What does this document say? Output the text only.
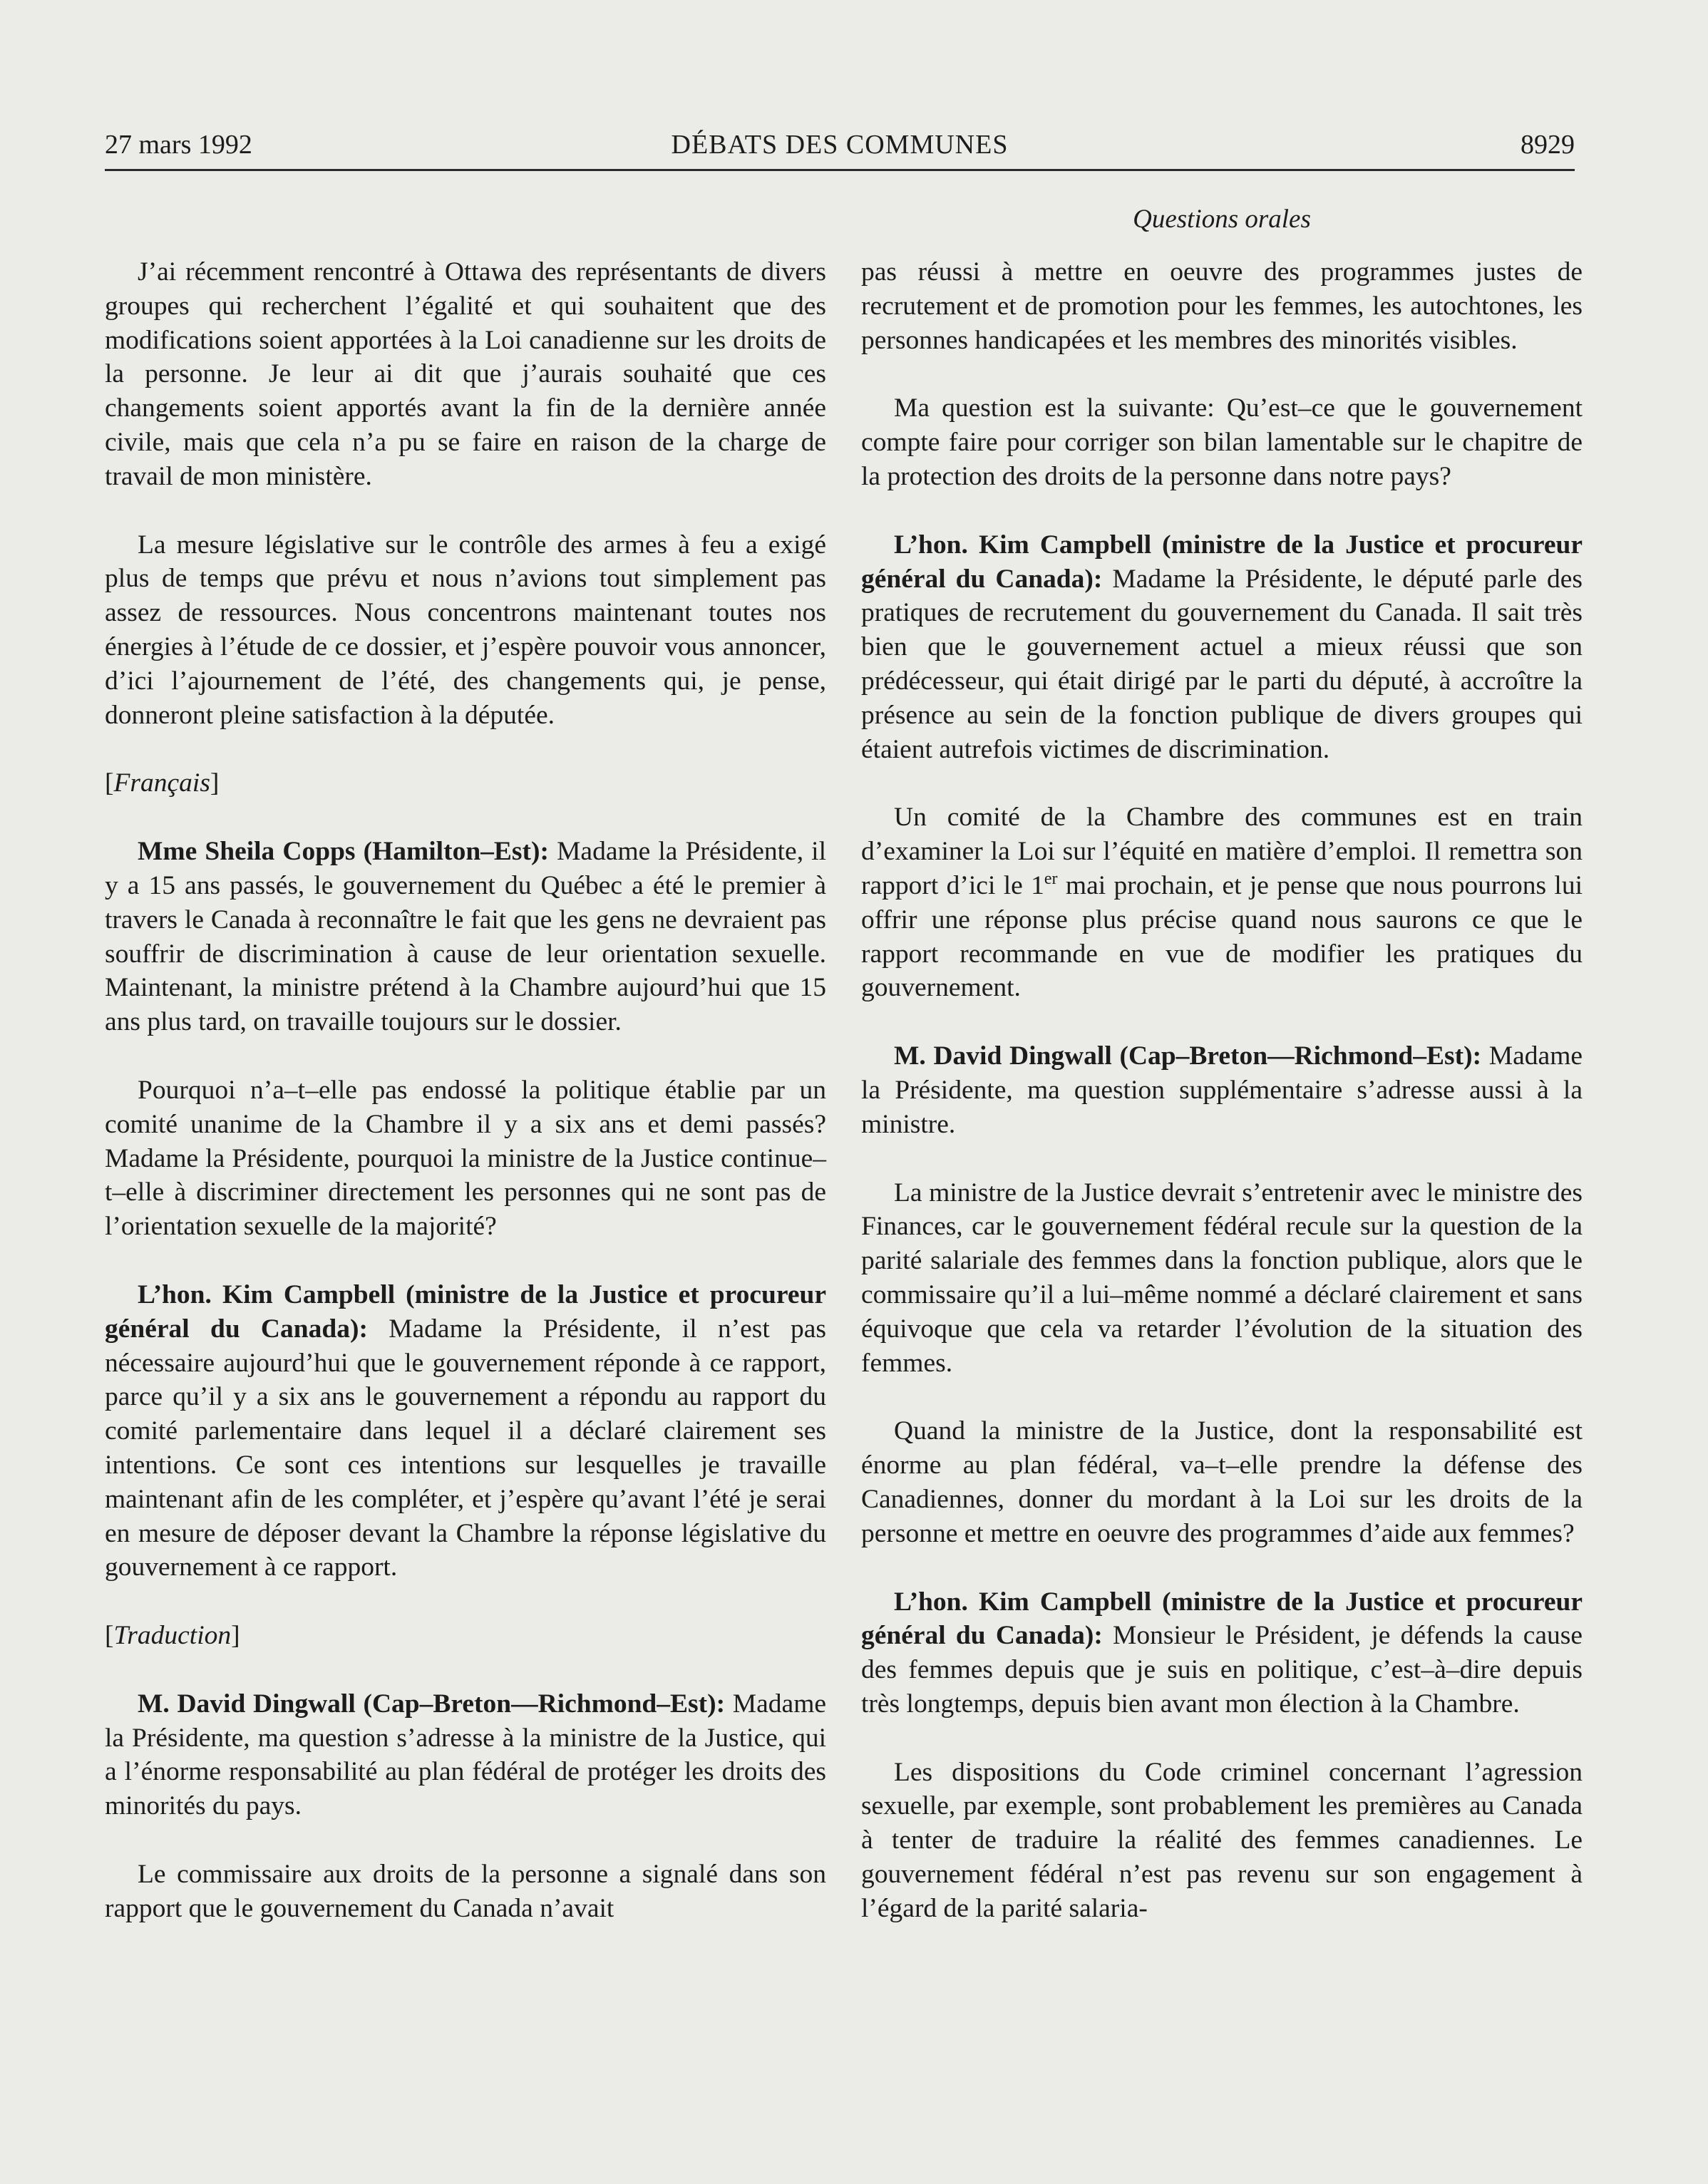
27 mars 1992	DÉBATS DES COMMUNES	8929
Questions orales

J’ai récemment rencontré à Ottawa des représentants de divers groupes qui recherchent l’égalité et qui souhaitent que des modifications soient apportées à la Loi canadienne sur les droits de la personne. Je leur ai dit que j’aurais souhaité que ces changements soient apportés avant la fin de la dernière année civile, mais que cela n’a pu se faire en raison de la charge de travail de mon ministère.

La mesure législative sur le contrôle des armes à feu a exigé plus de temps que prévu et nous n’avions tout simplement pas assez de ressources. Nous concentrons maintenant toutes nos énergies à l’étude de ce dossier, et j’espère pouvoir vous annoncer, d’ici l’ajournement de l’été, des changements qui, je pense, donneront pleine satisfaction à la députée.

[Français]

Mme Sheila Copps (Hamilton–Est): Madame la Présidente, il y a 15 ans passés, le gouvernement du Québec a été le premier à travers le Canada à reconnaître le fait que les gens ne devraient pas souffrir de discrimination à cause de leur orientation sexuelle. Maintenant, la ministre prétend à la Chambre aujourd’hui que 15 ans plus tard, on travaille toujours sur le dossier.

Pourquoi n’a–t–elle pas endossé la politique établie par un comité unanime de la Chambre il y a six ans et demi passés? Madame la Présidente, pourquoi la ministre de la Justice continue–t–elle à discriminer directement les personnes qui ne sont pas de l’orientation sexuelle de la majorité?

L’hon. Kim Campbell (ministre de la Justice et procureur général du Canada): Madame la Présidente, il n’est pas nécessaire aujourd’hui que le gouvernement réponde à ce rapport, parce qu’il y a six ans le gouvernement a répondu au rapport du comité parlementaire dans lequel il a déclaré clairement ses intentions. Ce sont ces intentions sur lesquelles je travaille maintenant afin de les compléter, et j’espère qu’avant l’été je serai en mesure de déposer devant la Chambre la réponse législative du gouvernement à ce rapport.

[Traduction]

M. David Dingwall (Cap–Breton—Richmond–Est): Madame la Présidente, ma question s’adresse à la ministre de la Justice, qui a l’énorme responsabilité au plan fédéral de protéger les droits des minorités du pays.

Le commissaire aux droits de la personne a signalé dans son rapport que le gouvernement du Canada n’avait

pas réussi à mettre en oeuvre des programmes justes de recrutement et de promotion pour les femmes, les autochtones, les personnes handicapées et les membres des minorités visibles.

Ma question est la suivante: Qu’est–ce que le gouvernement compte faire pour corriger son bilan lamentable sur le chapitre de la protection des droits de la personne dans notre pays?

L’hon. Kim Campbell (ministre de la Justice et procureur général du Canada): Madame la Présidente, le député parle des pratiques de recrutement du gouvernement du Canada. Il sait très bien que le gouvernement actuel a mieux réussi que son prédécesseur, qui était dirigé par le parti du député, à accroître la présence au sein de la fonction publique de divers groupes qui étaient autrefois victimes de discrimination.

Un comité de la Chambre des communes est en train d’examiner la Loi sur l’équité en matière d’emploi. Il remettra son rapport d’ici le 1er mai prochain, et je pense que nous pourrons lui offrir une réponse plus précise quand nous saurons ce que le rapport recommande en vue de modifier les pratiques du gouvernement.

M. David Dingwall (Cap–Breton—Richmond–Est): Madame la Présidente, ma question supplémentaire s’adresse aussi à la ministre.

La ministre de la Justice devrait s’entretenir avec le ministre des Finances, car le gouvernement fédéral recule sur la question de la parité salariale des femmes dans la fonction publique, alors que le commissaire qu’il a lui–même nommé a déclaré clairement et sans équivoque que cela va retarder l’évolution de la situation des femmes.

Quand la ministre de la Justice, dont la responsabilité est énorme au plan fédéral, va–t–elle prendre la défense des Canadiennes, donner du mordant à la Loi sur les droits de la personne et mettre en oeuvre des programmes d’aide aux femmes?

L’hon. Kim Campbell (ministre de la Justice et procureur général du Canada): Monsieur le Président, je défends la cause des femmes depuis que je suis en politique, c’est–à–dire depuis très longtemps, depuis bien avant mon élection à la Chambre.

Les dispositions du Code criminel concernant l’agression sexuelle, par exemple, sont probablement les premières au Canada à tenter de traduire la réalité des femmes canadiennes. Le gouvernement fédéral n’est pas revenu sur son engagement à l’égard de la parité salaria-
